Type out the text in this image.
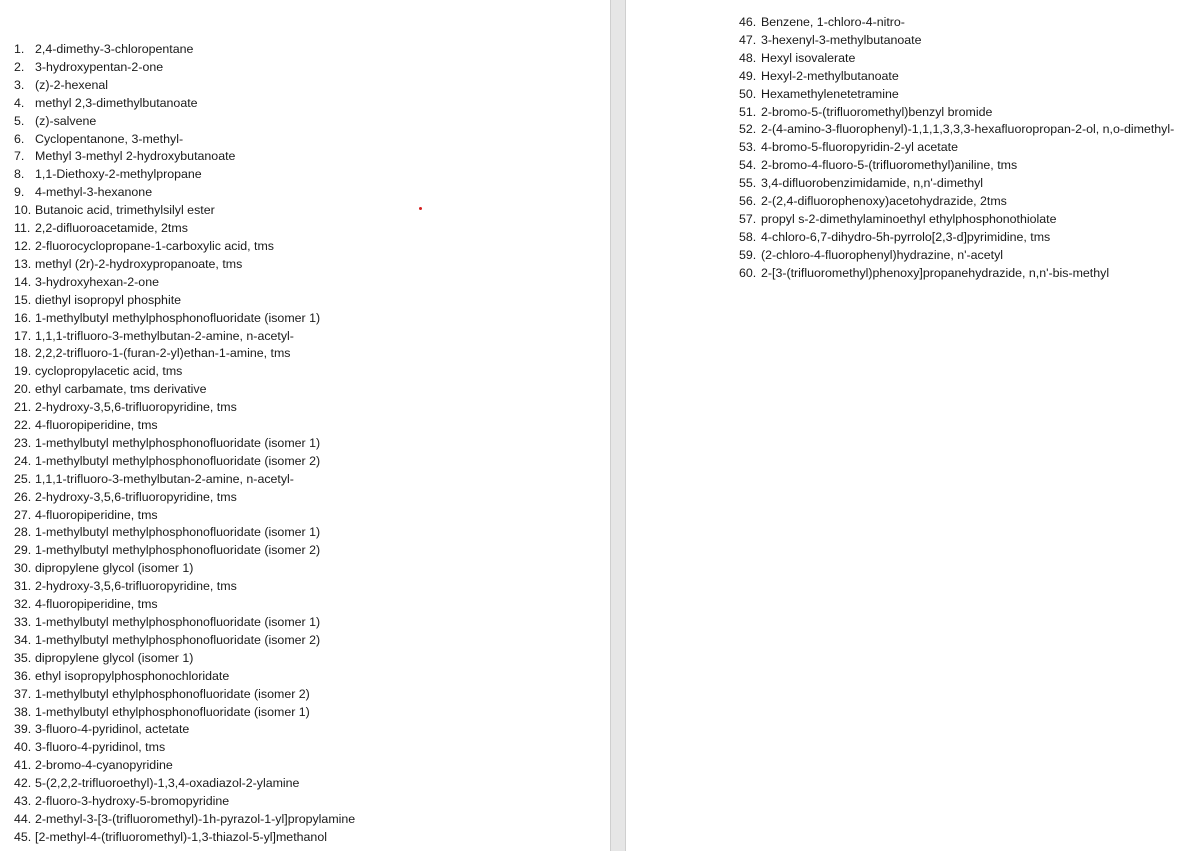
1. 2,4-dimethy-3-chloropentane
2. 3-hydroxypentan-2-one
3. (z)-2-hexenal
4. methyl 2,3-dimethylbutanoate
5. (z)-salvene
6. Cyclopentanone, 3-methyl-
7. Methyl 3-methyl 2-hydroxybutanoate
8. 1,1-Diethoxy-2-methylpropane
9. 4-methyl-3-hexanone
10. Butanoic acid, trimethylsilyl ester
11. 2,2-difluoroacetamide, 2tms
12. 2-fluorocyclopropane-1-carboxylic acid, tms
13. methyl (2r)-2-hydroxypropanoate, tms
14. 3-hydroxyhexan-2-one
15. diethyl isopropyl phosphite
16. 1-methylbutyl methylphosphonofluoridate (isomer 1)
17. 1,1,1-trifluoro-3-methylbutan-2-amine, n-acetyl-
18. 2,2,2-trifluoro-1-(furan-2-yl)ethan-1-amine, tms
19. cyclopropylacetic acid, tms
20. ethyl carbamate, tms derivative
21. 2-hydroxy-3,5,6-trifluoropyridine, tms
22. 4-fluoropiperidine, tms
23. 1-methylbutyl methylphosphonofluoridate (isomer 1)
24. 1-methylbutyl methylphosphonofluoridate (isomer 2)
25. 1,1,1-trifluoro-3-methylbutan-2-amine, n-acetyl-
26. 2-hydroxy-3,5,6-trifluoropyridine, tms
27. 4-fluoropiperidine, tms
28. 1-methylbutyl methylphosphonofluoridate (isomer 1)
29. 1-methylbutyl methylphosphonofluoridate (isomer 2)
30. dipropylene glycol (isomer 1)
31. 2-hydroxy-3,5,6-trifluoropyridine, tms
32. 4-fluoropiperidine, tms
33. 1-methylbutyl methylphosphonofluoridate (isomer 1)
34. 1-methylbutyl methylphosphonofluoridate (isomer 2)
35. dipropylene glycol (isomer 1)
36. ethyl isopropylphosphonochloridate
37. 1-methylbutyl ethylphosphonofluoridate (isomer 2)
38. 1-methylbutyl ethylphosphonofluoridate (isomer 1)
39. 3-fluoro-4-pyridinol, actetate
40. 3-fluoro-4-pyridinol, tms
41. 2-bromo-4-cyanopyridine
42. 5-(2,2,2-trifluoroethyl)-1,3,4-oxadiazol-2-ylamine
43. 2-fluoro-3-hydroxy-5-bromopyridine
44. 2-methyl-3-[3-(trifluoromethyl)-1h-pyrazol-1-yl]propylamine
45. [2-methyl-4-(trifluoromethyl)-1,3-thiazol-5-yl]methanol
46. Benzene, 1-chloro-4-nitro-
47. 3-hexenyl-3-methylbutanoate
48. Hexyl isovalerate
49. Hexyl-2-methylbutanoate
50. Hexamethylenetetramine
51. 2-bromo-5-(trifluoromethyl)benzyl bromide
52. 2-(4-amino-3-fluorophenyl)-1,1,1,3,3,3-hexafluoropropan-2-ol, n,o-dimethyl-
53. 4-bromo-5-fluoropyridin-2-yl acetate
54. 2-bromo-4-fluoro-5-(trifluoromethyl)aniline, tms
55. 3,4-difluorobenzimidamide, n,n'-dimethyl
56. 2-(2,4-difluorophenoxy)acetohydrazide, 2tms
57. propyl s-2-dimethylaminoethyl ethylphosphonothiolate
58. 4-chloro-6,7-dihydro-5h-pyrrolo[2,3-d]pyrimidine, tms
59. (2-chloro-4-fluorophenyl)hydrazine, n'-acetyl
60. 2-[3-(trifluoromethyl)phenoxy]propanehydrazide, n,n'-bis-methyl
